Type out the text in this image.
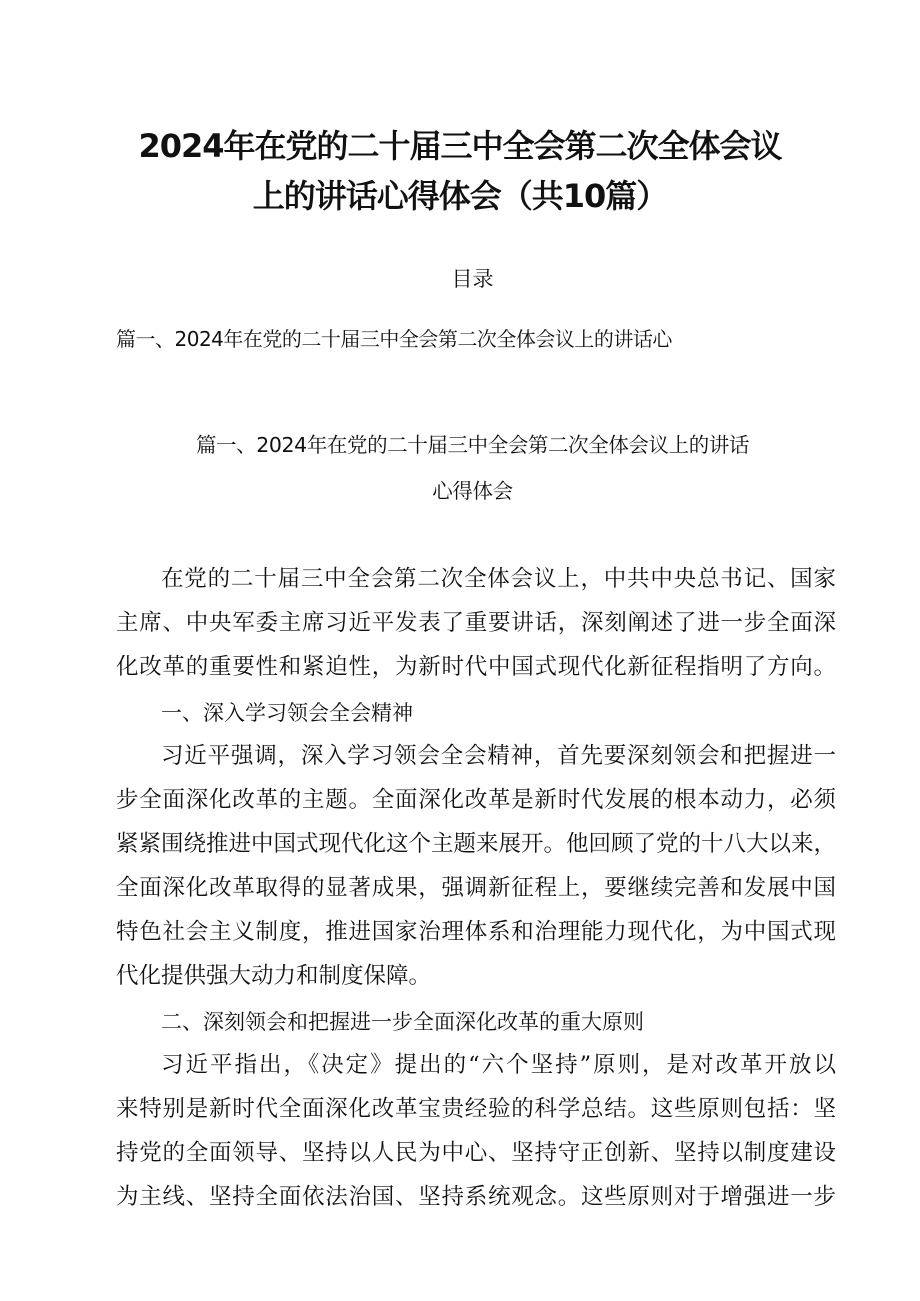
2024年在党的二十届三中全会第二次全体会议
上的讲话心得体会（共10篇）
目录
篇一、2024年在党的二十届三中全会第二次全体会议上的讲话心
篇一、2024年在党的二十届三中全会第二次全体会议上的讲话
心得体会
在党的二十届三中全会第二次全体会议上，中共中央总书记、国家
主席、中央军委主席习近平发表了重要讲话，深刻阐述了进一步全面深
化改革的重要性和紧迫性，为新时代中国式现代化新征程指明了方向。
一、深入学习领会全会精神
习近平强调，深入学习领会全会精神，首先要深刻领会和把握进一
步全面深化改革的主题。全面深化改革是新时代发展的根本动力，必须
紧紧围绕推进中国式现代化这个主题来展开。他回顾了党的十八大以来，
全面深化改革取得的显著成果，强调新征程上，要继续完善和发展中国
特色社会主义制度，推进国家治理体系和治理能力现代化，为中国式现
代化提供强大动力和制度保障。
二、深刻领会和把握进一步全面深化改革的重大原则
习近平指出，《决定》提出的“六个坚持”原则，是对改革开放以
来特别是新时代全面深化改革宝贵经验的科学总结。这些原则包括：坚
持党的全面领导、坚持以人民为中心、坚持守正创新、坚持以制度建设
为主线、坚持全面依法治国、坚持系统观念。这些原则对于增强进一步
